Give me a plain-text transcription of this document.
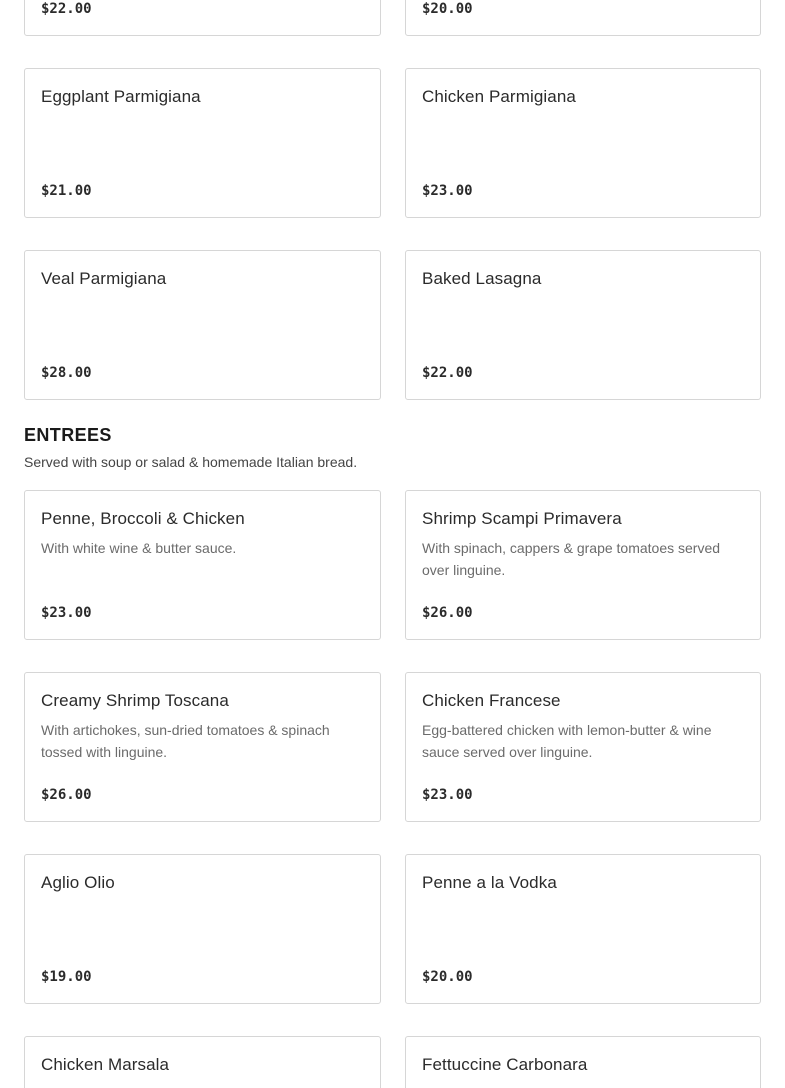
$22.00	$20.00
Eggplant Parmigiana
$21.00
Chicken Parmigiana
$23.00
Veal Parmigiana
$28.00
Baked Lasagna
$22.00
ENTREES
Served with soup or salad & homemade Italian bread.
Penne, Broccoli & Chicken
With white wine & butter sauce.
$23.00
Shrimp Scampi Primavera
With spinach, cappers & grape tomatoes served over linguine.
$26.00
Creamy Shrimp Toscana
With artichokes, sun-dried tomatoes & spinach tossed with linguine.
$26.00
Chicken Francese
Egg-battered chicken with lemon-butter & wine sauce served over linguine.
$23.00
Aglio Olio
$19.00
Penne a la Vodka
$20.00
Chicken Marsala	Fettuccine Carbonara
